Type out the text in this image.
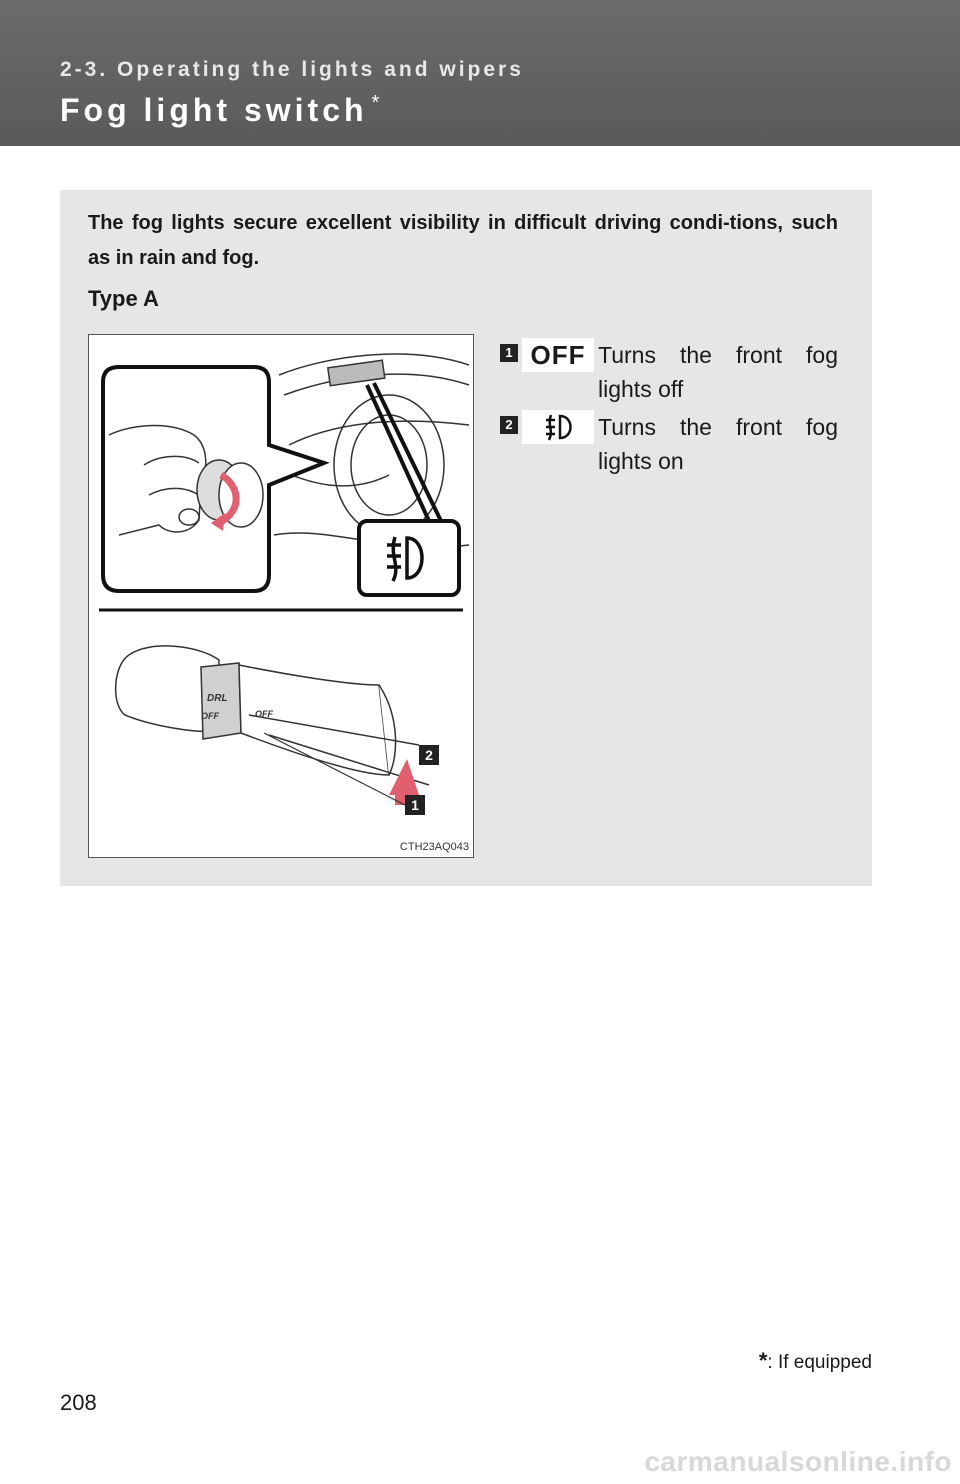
2-3. Operating the lights and wipers
Fog light switch *
The fog lights secure excellent visibility in difficult driving condi-tions, such as in rain and fog.
Type A
DRL
OFF	OFF
2
1
CTH23AQ043
1 OFF Turns the front fog lights off
2	Turns the front fog lights on
*: If equipped
208
carmanualsonline.info
